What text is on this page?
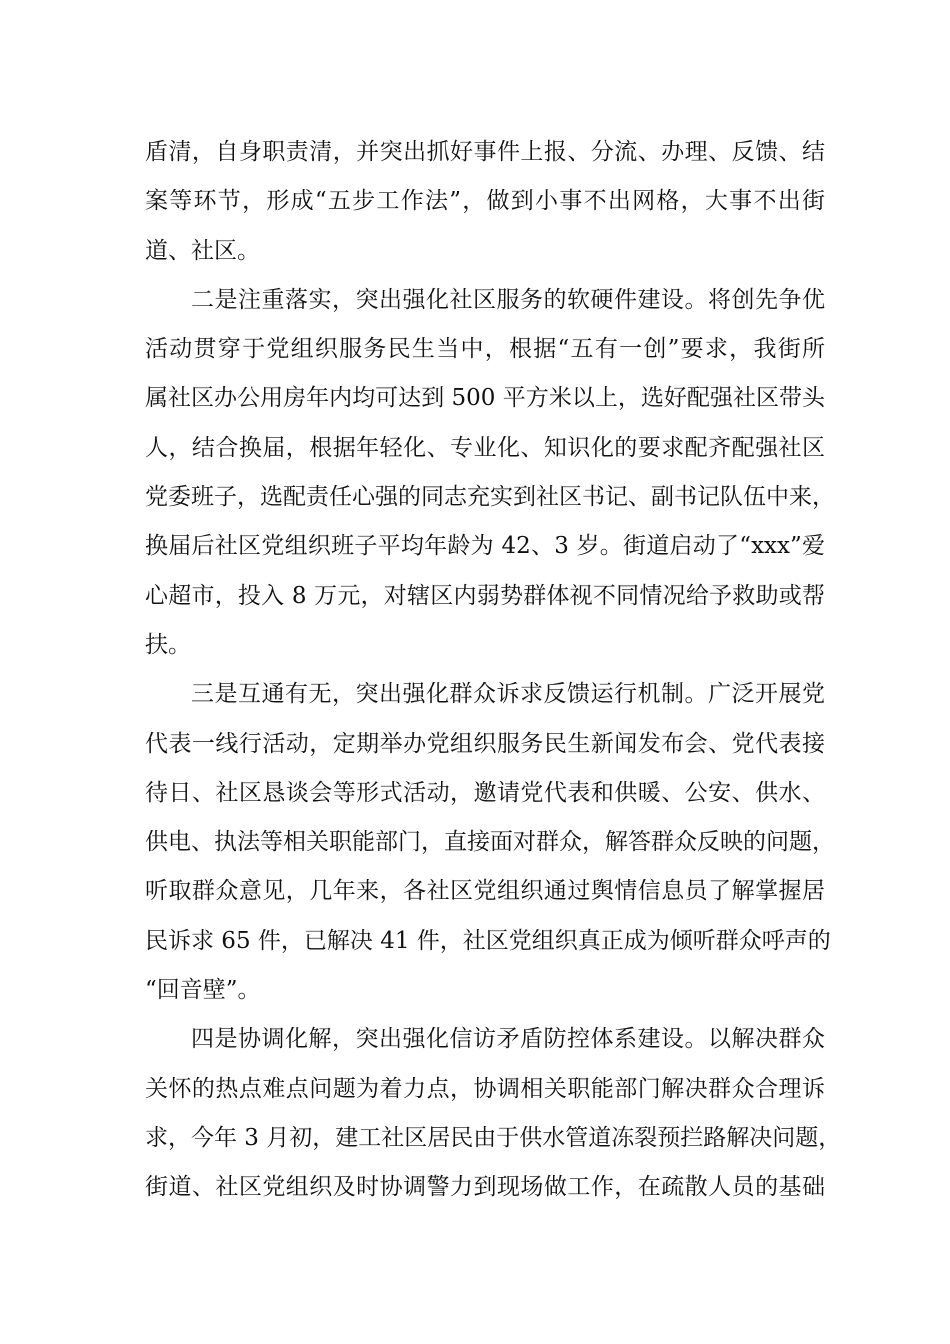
盾清，自身职责清，并突出抓好事件上报、分流、办理、反馈、结
案等环节，形成“五步工作法”，做到小事不出网格，大事不出街
道、社区。
二是注重落实，突出强化社区服务的软硬件建设。将创先争优
活动贯穿于党组织服务民生当中，根据“五有一创”要求，我街所
属社区办公用房年内均可达到 500 平方米以上，选好配强社区带头
人，结合换届，根据年轻化、专业化、知识化的要求配齐配强社区
党委班子，选配责任心强的同志充实到社区书记、副书记队伍中来，
换届后社区党组织班子平均年龄为 42、3 岁。街道启动了“xxx”爱
心超市，投入 8 万元，对辖区内弱势群体视不同情况给予救助或帮
扶。
三是互通有无，突出强化群众诉求反馈运行机制。广泛开展党
代表一线行活动，定期举办党组织服务民生新闻发布会、党代表接
待日、社区恳谈会等形式活动，邀请党代表和供暖、公安、供水、
供电、执法等相关职能部门，直接面对群众，解答群众反映的问题，
听取群众意见，几年来，各社区党组织通过舆情信息员了解掌握居
民诉求 65 件，已解决 41 件，社区党组织真正成为倾听群众呼声的
“回音壁”。
四是协调化解，突出强化信访矛盾防控体系建设。以解决群众
关怀的热点难点问题为着力点，协调相关职能部门解决群众合理诉
求，今年 3 月初，建工社区居民由于供水管道冻裂预拦路解决问题，
街道、社区党组织及时协调警力到现场做工作，在疏散人员的基础
